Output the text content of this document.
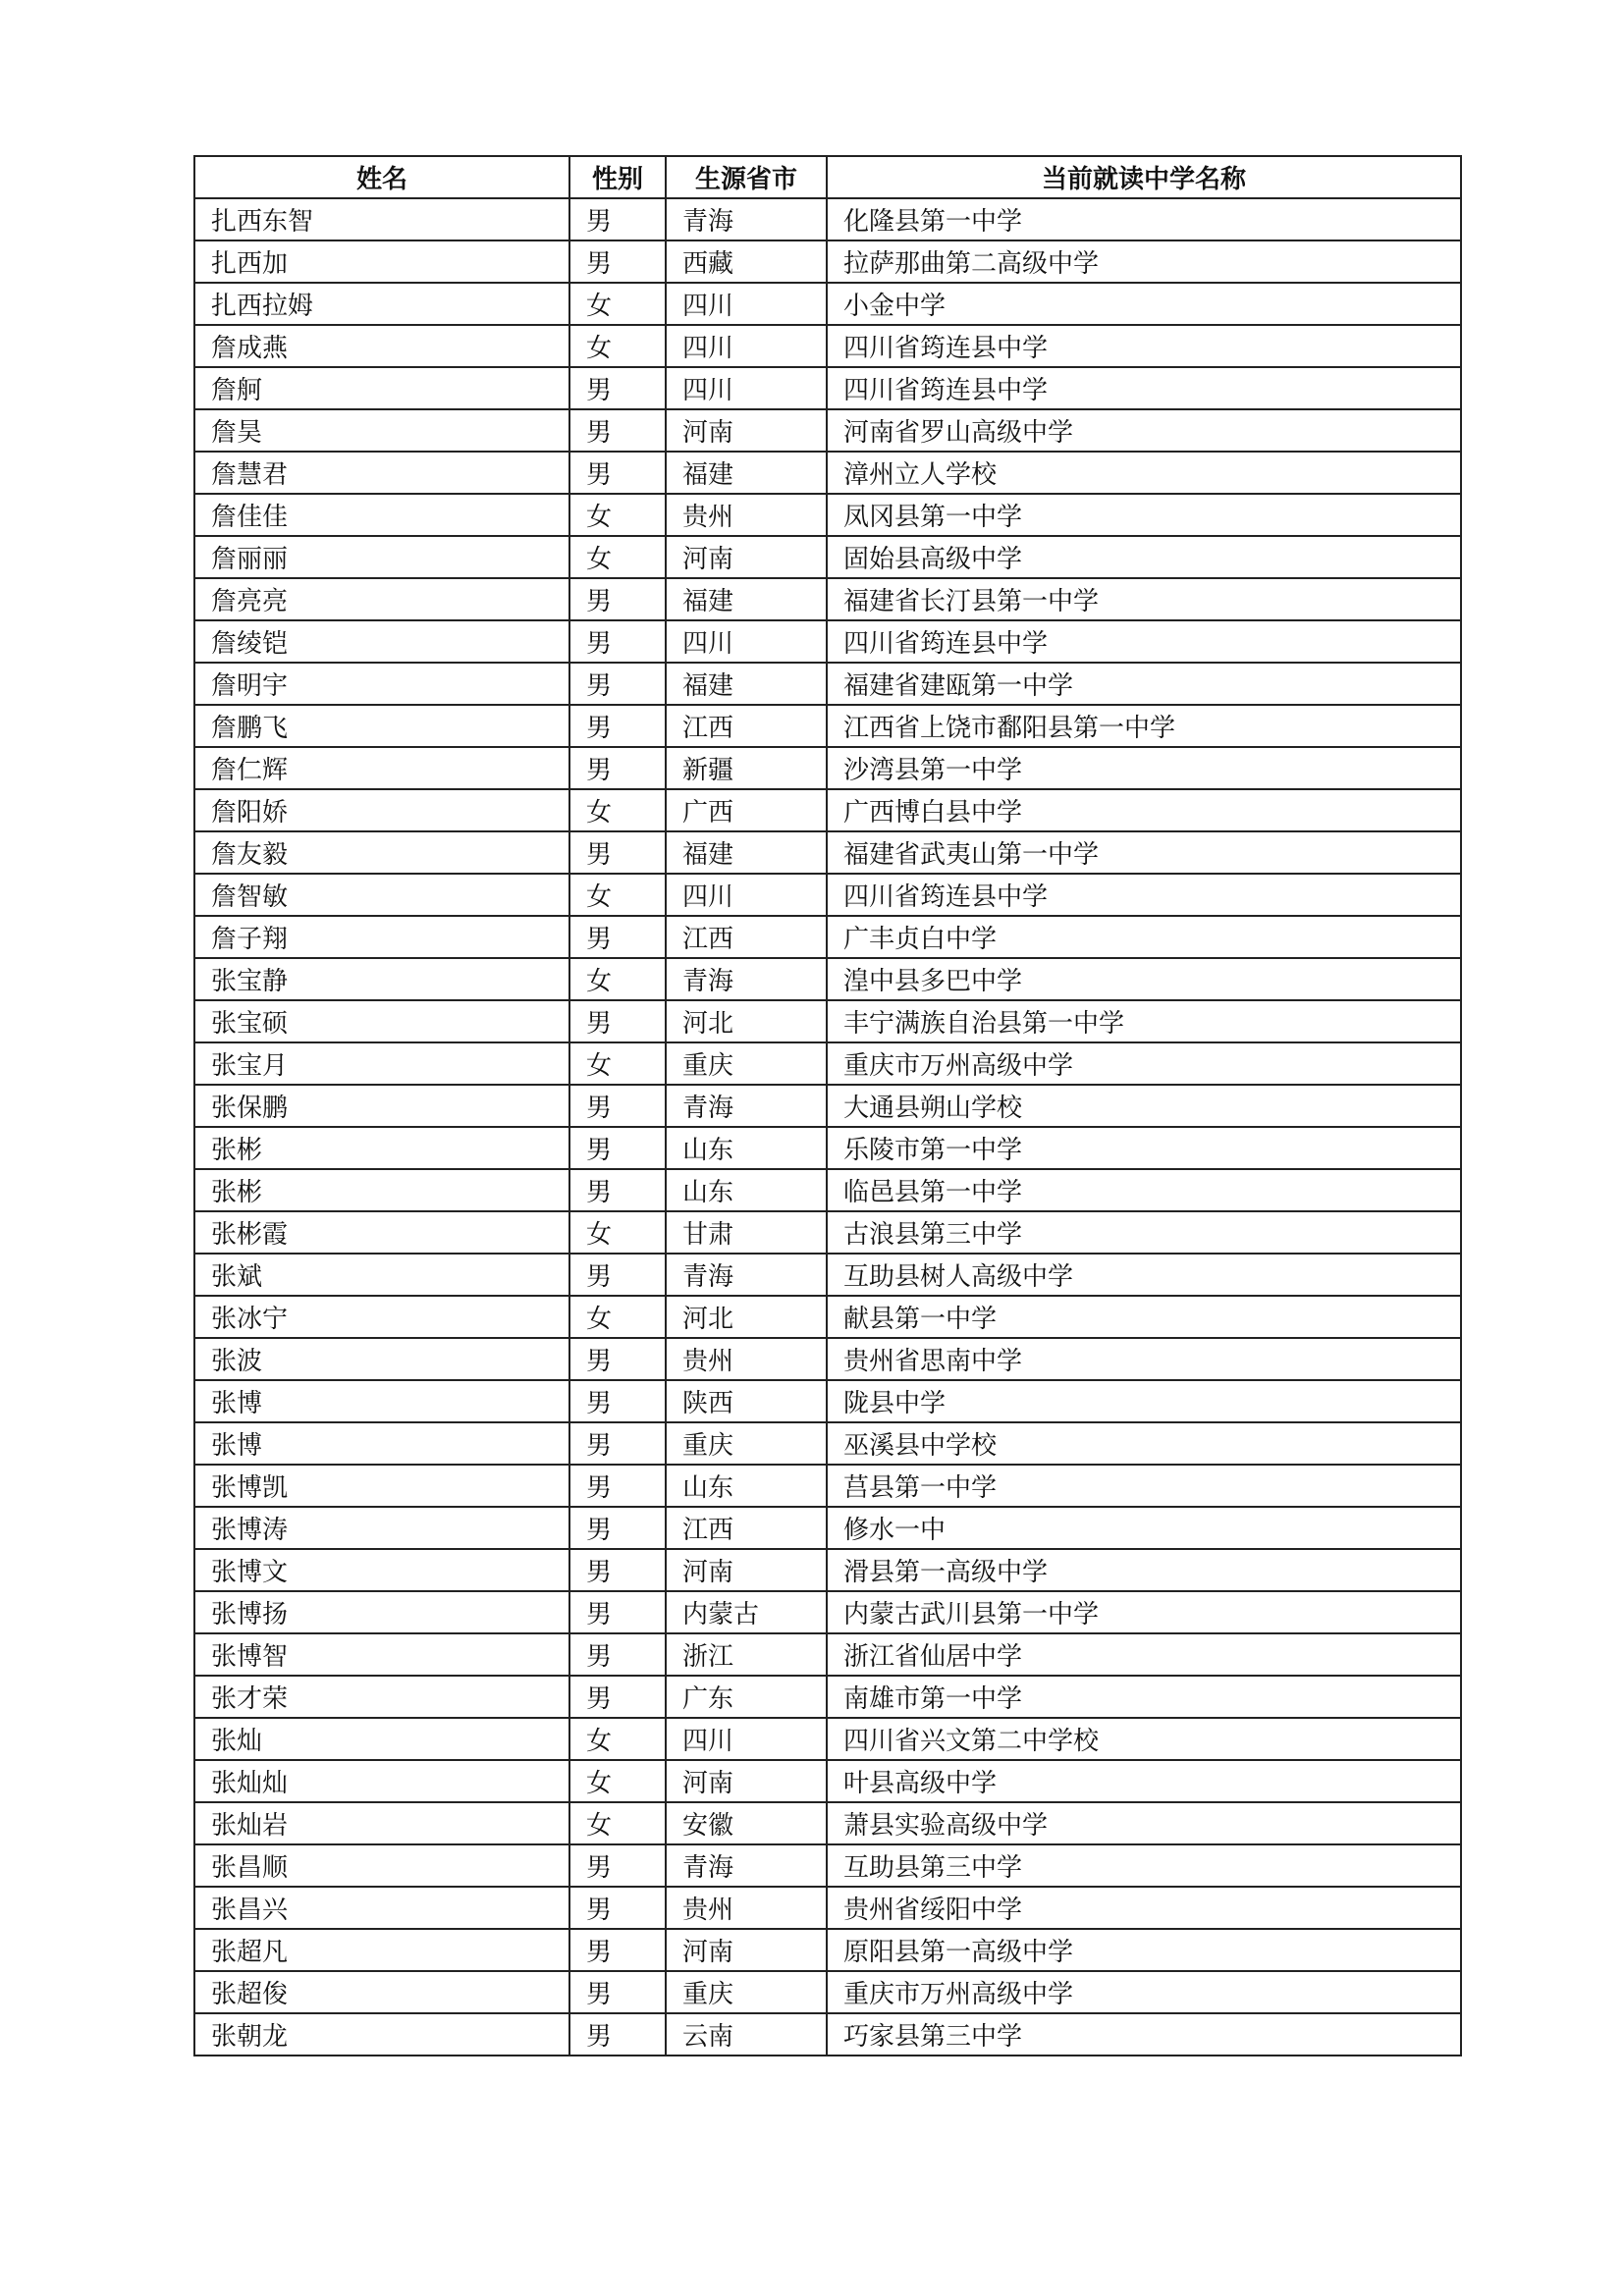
姓名	性别	生源省市	当前就读中学名称
扎西东智	男	青海	化隆县第一中学
扎西加	男	西藏	拉萨那曲第二高级中学
扎西拉姆	女	四川	小金中学
詹成燕	女	四川	四川省筠连县中学
詹舸	男	四川	四川省筠连县中学
詹昊	男	河南	河南省罗山高级中学
詹慧君	男	福建	漳州立人学校
詹佳佳	女	贵州	凤冈县第一中学
詹丽丽	女	河南	固始县高级中学
詹亮亮	男	福建	福建省长汀县第一中学
詹绫铠	男	四川	四川省筠连县中学
詹明宇	男	福建	福建省建瓯第一中学
詹鹏飞	男	江西	江西省上饶市鄱阳县第一中学
詹仁辉	男	新疆	沙湾县第一中学
詹阳娇	女	广西	广西博白县中学
詹友毅	男	福建	福建省武夷山第一中学
詹智敏	女	四川	四川省筠连县中学
詹子翔	男	江西	广丰贞白中学
张宝静	女	青海	湟中县多巴中学
张宝硕	男	河北	丰宁满族自治县第一中学
张宝月	女	重庆	重庆市万州高级中学
张保鹏	男	青海	大通县朔山学校
张彬	男	山东	乐陵市第一中学
张彬	男	山东	临邑县第一中学
张彬霞	女	甘肃	古浪县第三中学
张斌	男	青海	互助县树人高级中学
张冰宁	女	河北	献县第一中学
张波	男	贵州	贵州省思南中学
张博	男	陕西	陇县中学
张博	男	重庆	巫溪县中学校
张博凯	男	山东	莒县第一中学
张博涛	男	江西	修水一中
张博文	男	河南	滑县第一高级中学
张博扬	男	内蒙古	内蒙古武川县第一中学
张博智	男	浙江	浙江省仙居中学
张才荣	男	广东	南雄市第一中学
张灿	女	四川	四川省兴文第二中学校
张灿灿	女	河南	叶县高级中学
张灿岩	女	安徽	萧县实验高级中学
张昌顺	男	青海	互助县第三中学
张昌兴	男	贵州	贵州省绥阳中学
张超凡	男	河南	原阳县第一高级中学
张超俊	男	重庆	重庆市万州高级中学
张朝龙	男	云南	巧家县第三中学
